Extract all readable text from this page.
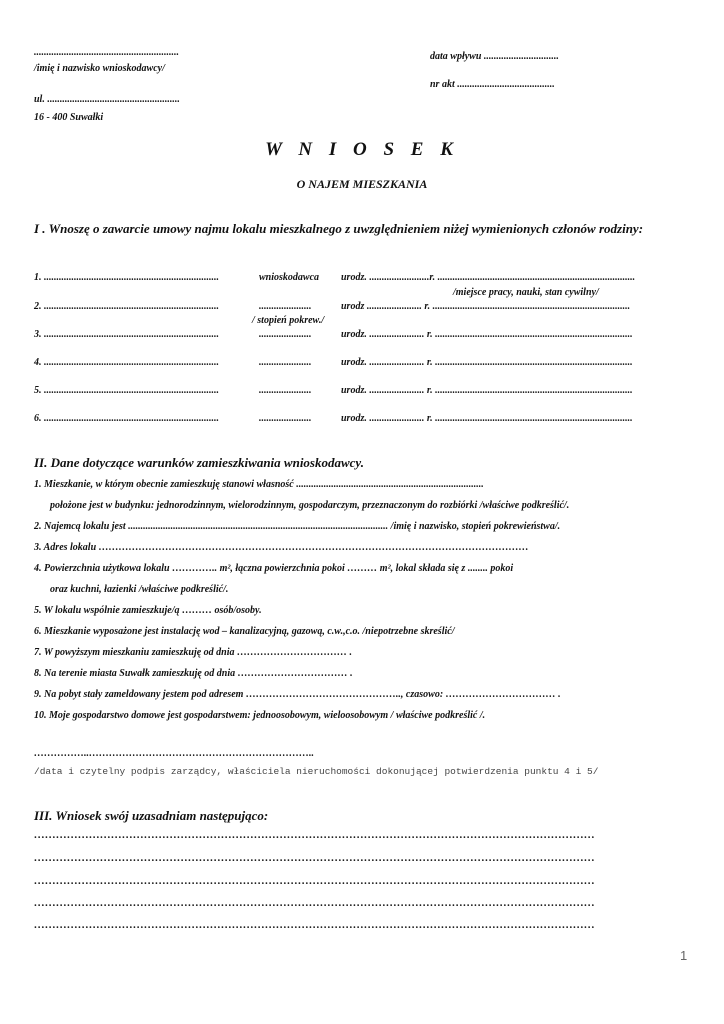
..........................................................
/imię i nazwisko wnioskodawcy/
ul. .....................................................
16 - 400 Suwałki
data wpływu ..............................
nr akt .......................................
W N I O S E K
O NAJEM MIESZKANIA
I . Wnoszę o zawarcie umowy najmu lokalu mieszkalnego z uwzględnieniem niżej wymienionych członów rodziny:
1. ......................................................................	wnioskodawca urodz. ........................r. ...............................................................................
/miejsce pracy, nauki, stan cywilny/
2. ......................................................................	.....................	urodz ...................... r. ...............................................................................
/ stopień pokrew./
3. ......................................................................	.....................	urodz. ...................... r. ...............................................................................
4. ......................................................................	.....................	urodz. ...................... r. ...............................................................................
5. ......................................................................	.....................	urodz. ...................... r. ...............................................................................
6. ......................................................................	.....................	urodz. ...................... r. ...............................................................................
II. Dane dotyczące warunków zamieszkiwania wnioskodawcy.
1. Mieszkanie, w którym obecnie zamieszkuję stanowi własność ...........................................................................
położone jest w budynku: jednorodzinnym, wielorodzinnym, gospodarczym, przeznaczonym do rozbiórki /właściwe podkreślić/.
2. Najemcą lokalu jest ........................................................................................................ /imię i nazwisko, stopień pokrewieństwa/.
3. Adres lokalu …………………………………………………………………………………………………………………
4. Powierzchnia użytkowa lokalu ………….. m², łączna powierzchnia pokoi ……… m², lokal składa się z ........ pokoi
oraz kuchni, łazienki /właściwe podkreślić/.
5. W lokalu wspólnie zamieszkuje/ą ……… osób/osoby.
6. Mieszkanie wyposażone jest instalację wod – kanalizacyjną, gazową, c.w.,c.o. /niepotrzebne skreślić/
7. W powyższym mieszkaniu zamieszkuję od dnia …………………………… .
8. Na terenie miasta Suwałk zamieszkuję od dnia …………………………… .
9. Na pobyt stały zameldowany jestem pod adresem ……………………………………….., czasowo: …………………………… .
10. Moje gospodarstwo domowe jest gospodarstwem: jednoosobowym, wieloosobowym / właściwe podkreślić /.
……………..…………………………………………………………..
/data i czytelny podpis zarządcy, właściciela nieruchomości dokonującej potwierdzenia punktu 4 i 5/
III. Wniosek swój uzasadniam następująco:
………………………………………………………………………………………………………………………………………
………………………………………………………………………………………………………………………………………
………………………………………………………………………………………………………………………………………
………………………………………………………………………………………………………………………………………
………………………………………………………………………………………………………………………………………
1
